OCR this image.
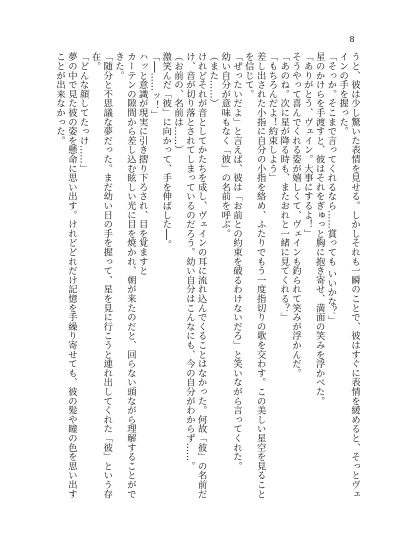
8

うと、彼は少し驚いた表情を見せる。しかしそれも一瞬のことで、彼はすぐに表情を緩めると、そっとヴェインの手を握った。

「そっか。そこまで言ってくれるなら……賞っても いいかな？」

星のかけらを手渡すと、彼はそれをぎゅっと胸に抱き寄せ、満面の笑みを浮かべた。

「ありがとう、ヴェイン。大事にするよ！」

そうやって喜んでくれる姿が嬉しくて、ヴェインも釣られて笑みが浮かんだ。

「あのね。次に星が降る時も、またおれと一緒に見てくれる？」

「もちろんだよ！約束しよう」

差し出された小指に自分の小指を絡め、ふたりでもう一度指切りの歌を交わす。この美しい星空を見ることを信じて。

「ぜったいだよ」と言えば、彼は「お前との約束を破るわけないだろ」と笑いながら言ってくれた。

幼い自分が意味もなく「彼」の名前を呼ぶ。

（また……）

けれどそれが音としてかたちを成し、ヴェインの耳に流れ込んでくることはなかった。何故「彼」の名前だけ、音が切り落とされてしまっているのだろう。幼い自分はこんなにも、今の自分がわからず……。

（お前の、名前は……）

激笑んだ「彼」に向かって、手を伸ばした──。

「──……ッ！」

ハッと意識が現実に引き摺り下ろされ、目を覚ますと

カーテンの隙間から差し込む眩しい光に目を焼かれ、朝が来たのだと、回らない頭ながら理解することができた。

「随分と不思議な夢だった。まだ幼い日の手を握って、星を見に行こうと連れ出してくれた「彼」という存在。

「どんな顔してたっけ……」

夢の中で見た彼の姿を懸命に思い出す。けれどどれだけ記憶を手繰り寄せても、彼の髪や瞳の色を思い出すことが出来なかった。
